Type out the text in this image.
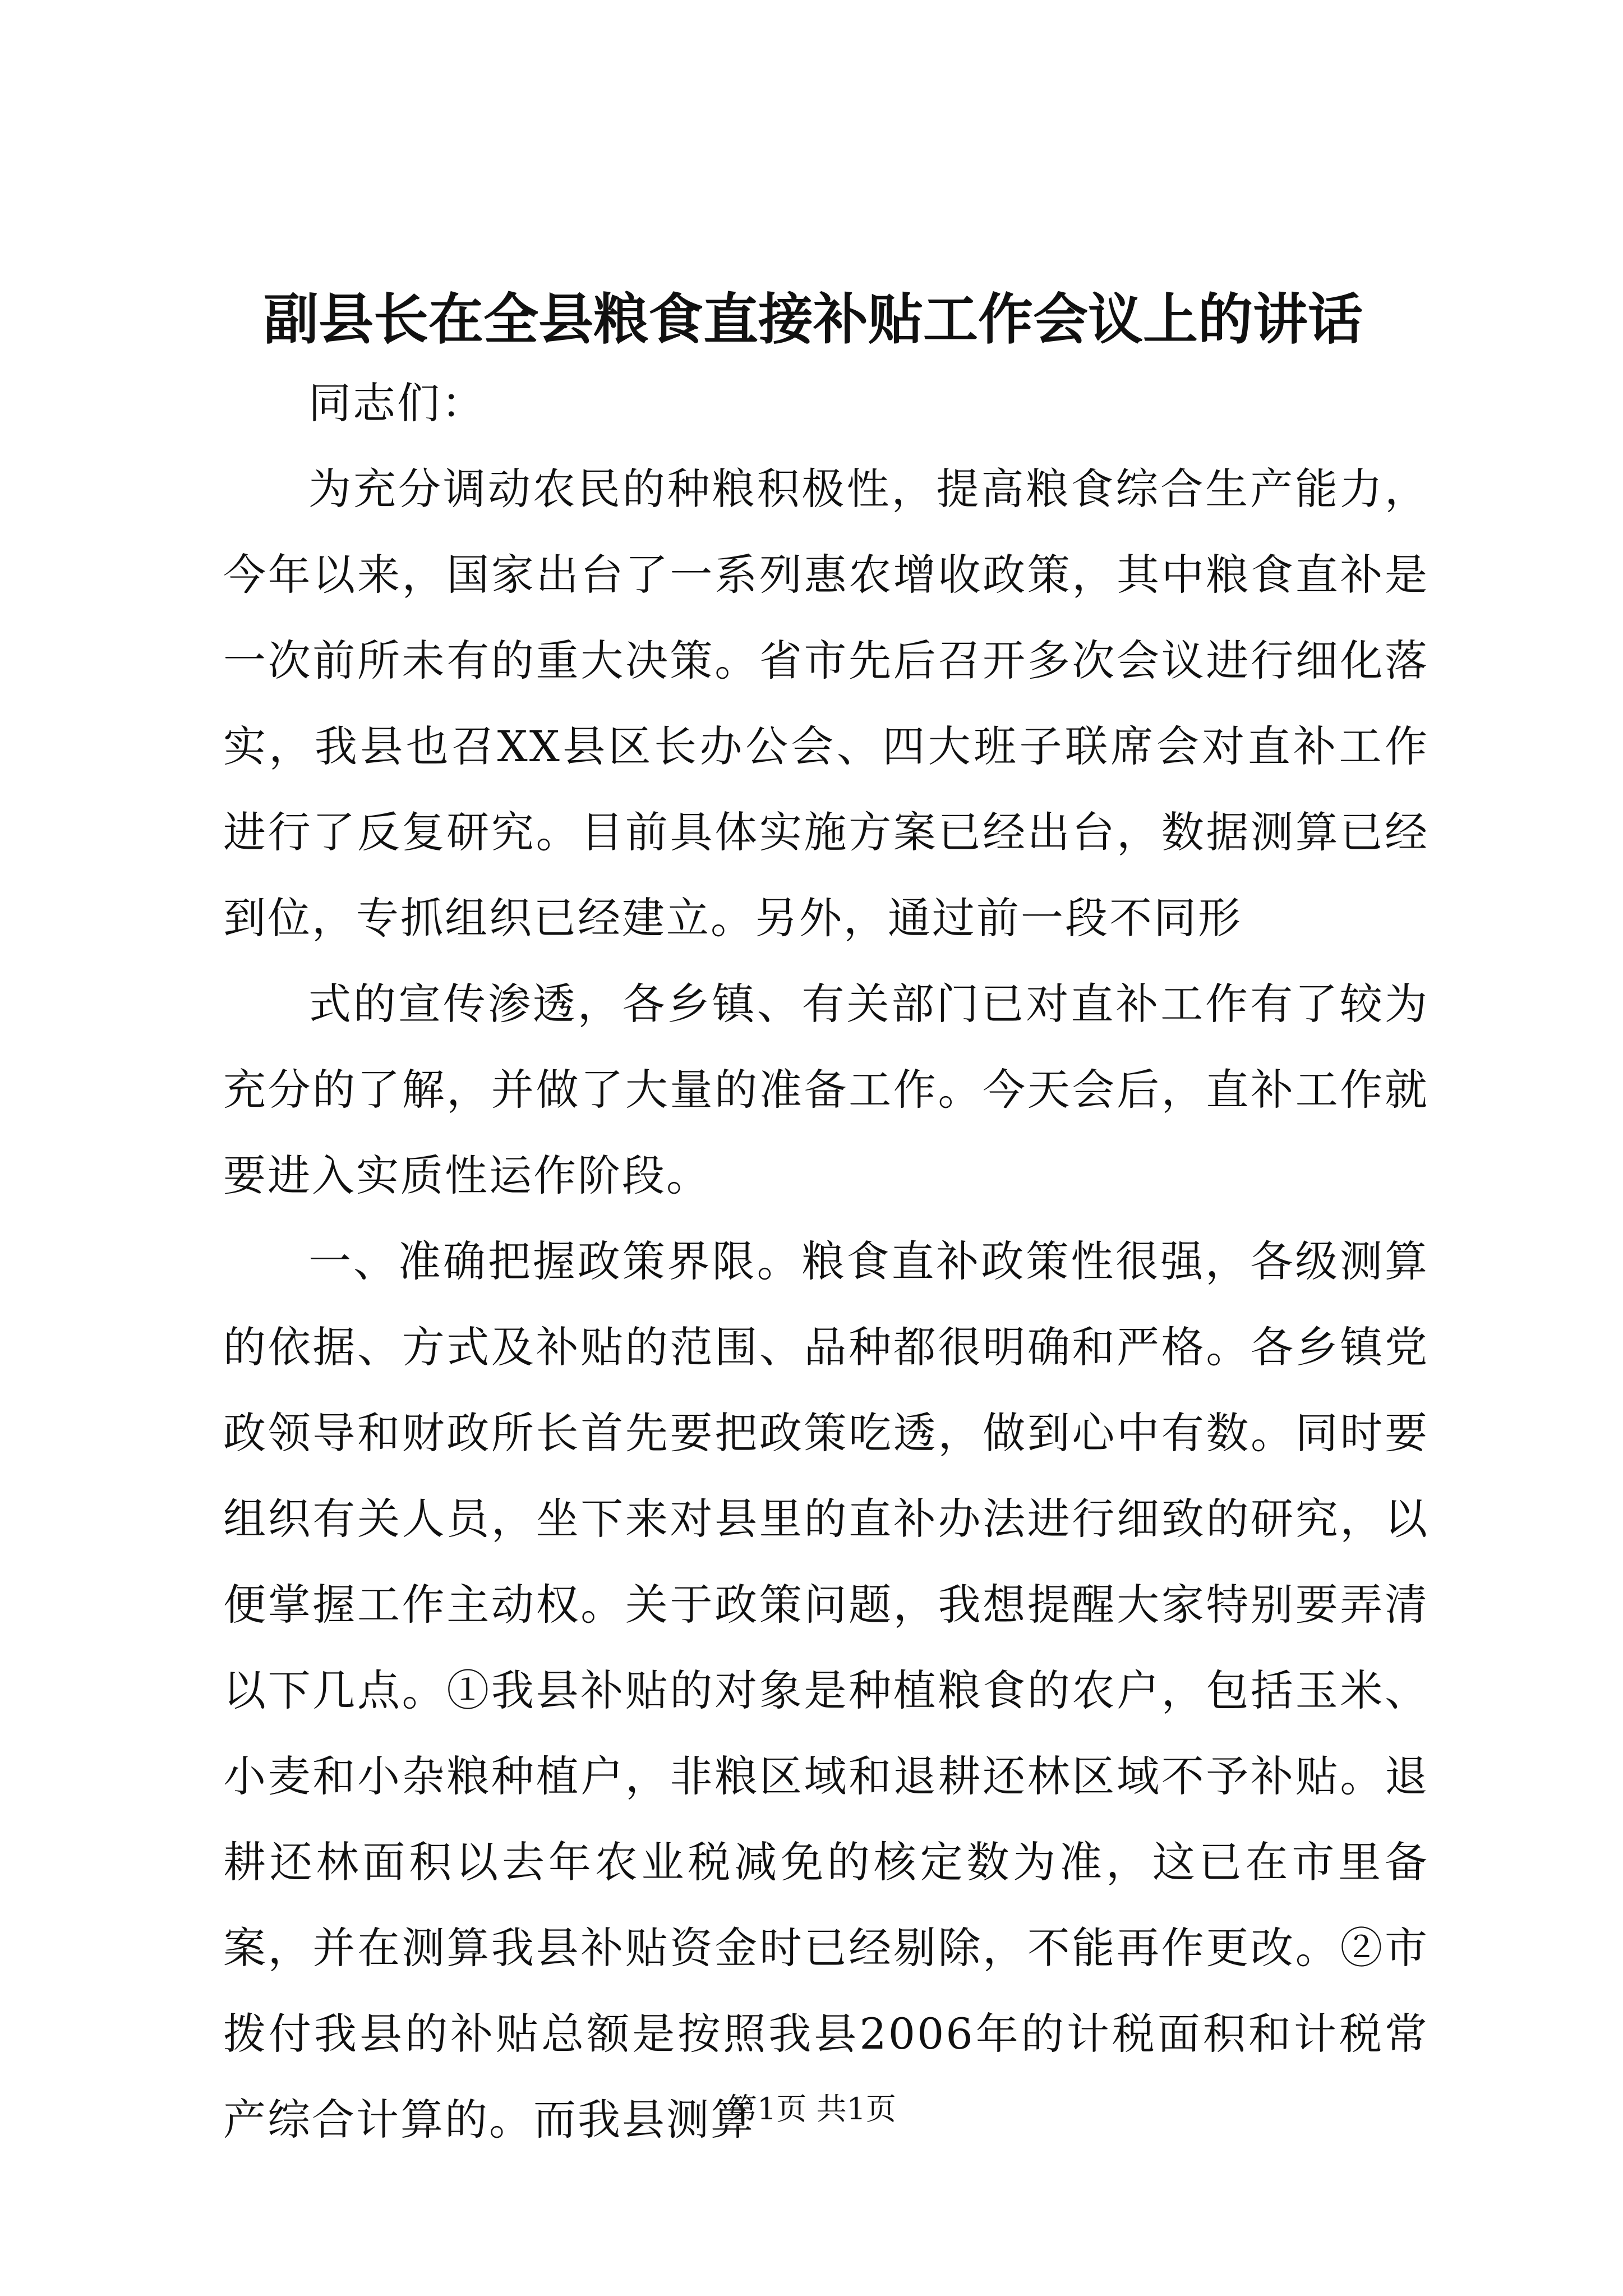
副县长在全县粮食直接补贴工作会议上的讲话

同志们：

为充分调动农民的种粮积极性，提高粮食综合生产能力，今年以来，国家出台了一系列惠农增收政策，其中粮食直补是一次前所未有的重大决策。省市先后召开多次会议进行细化落实，我县也召XX县区长办公会、四大班子联席会对直补工作进行了反复研究。目前具体实施方案已经出台，数据测算已经到位，专抓组织已经建立。另外，通过前一段不同形

式的宣传渗透，各乡镇、有关部门已对直补工作有了较为充分的了解，并做了大量的准备工作。今天会后，直补工作就要进入实质性运作阶段。

一、准确把握政策界限。粮食直补政策性很强，各级测算的依据、方式及补贴的范围、品种都很明确和严格。各乡镇党政领导和财政所长首先要把政策吃透，做到心中有数。同时要组织有关人员，坐下来对县里的直补办法进行细致的研究，以便掌握工作主动权。关于政策问题，我想提醒大家特别要弄清以下几点。①我县补贴的对象是种植粮食的农户，包括玉米、小麦和小杂粮种植户，非粮区域和退耕还林区域不予补贴。退耕还林面积以去年农业税减免的核定数为准，这已在市里备案，并在测算我县补贴资金时已经剔除，不能再作更改。②市拨付我县的补贴总额是按照我县2006年的计税面积和计税常产综合计算的。而我县测算

第1页 共1页
